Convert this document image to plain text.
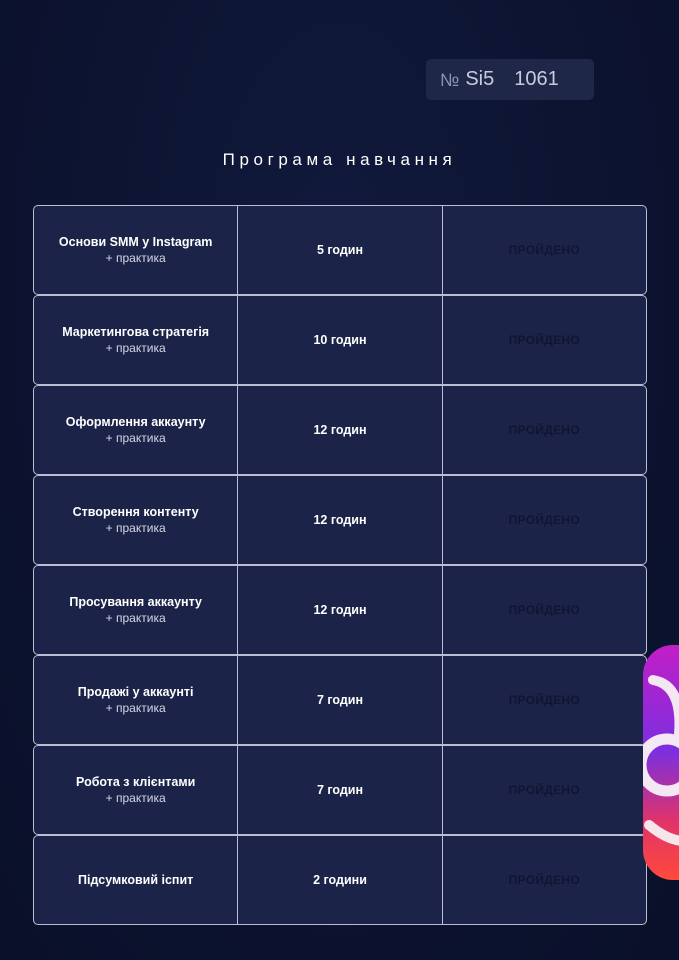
№ Si5 1061
Програма навчання
Основи SMM у Instagram
+ практика
5 годин	ПРОЙДЕНО
Маркетингова стратегія
+ практика
10 годин	ПРОЙДЕНО
Оформлення аккаунту
+ практика
12 годин	ПРОЙДЕНО
Створення контенту
+ практика
12 годин	ПРОЙДЕНО
Просування аккаунту
+ практика
12 годин	ПРОЙДЕНО
Продажі у аккаунті
+ практика
7 годин	ПРОЙДЕНО
Робота з клієнтами
+ практика
7 годин	ПРОЙДЕНО
Підсумковий іспит	2 години	ПРОЙДЕНО
